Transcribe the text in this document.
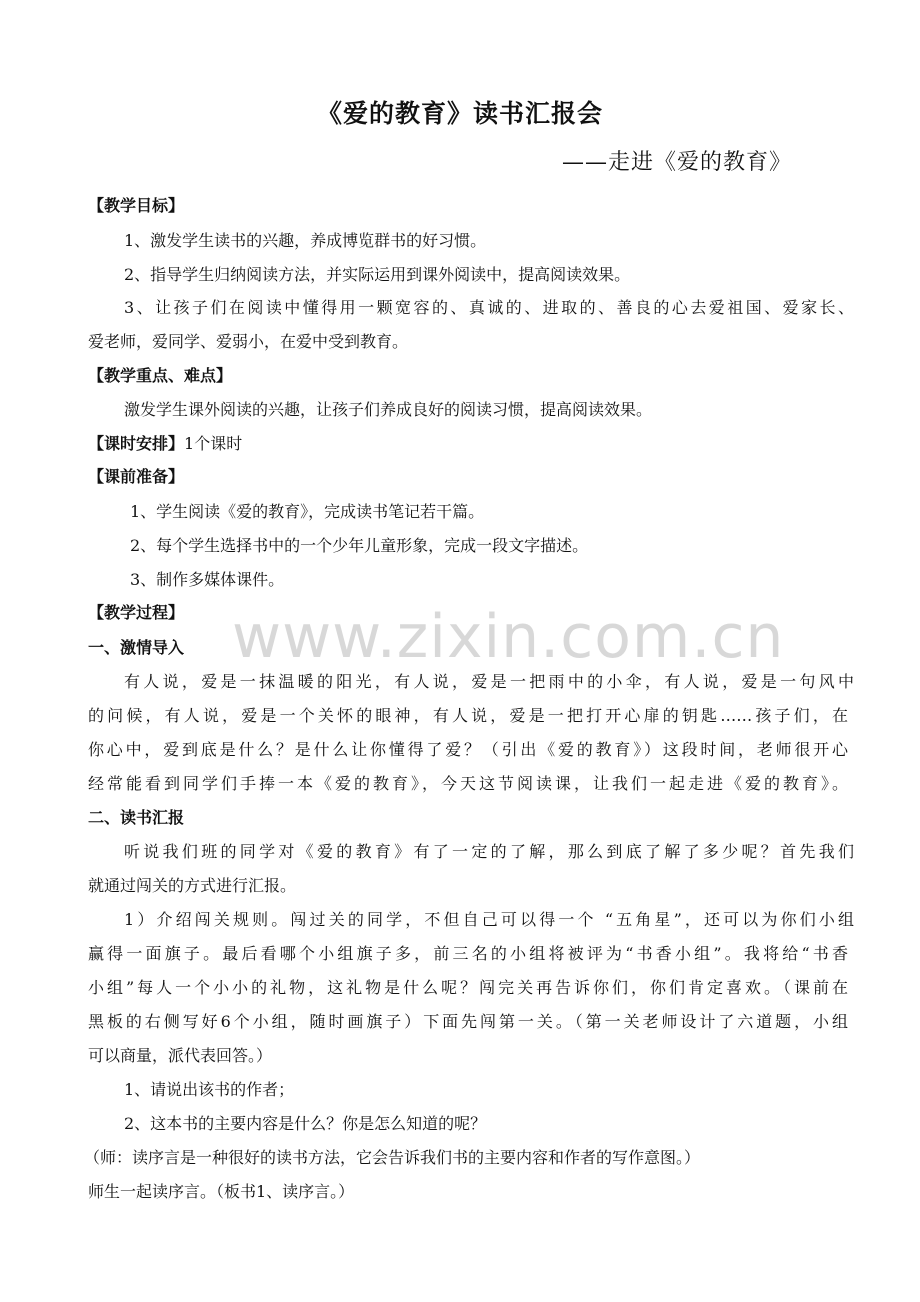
www.zixin.com.cn
《爱的教育》读书汇报会
——走进《爱的教育》
【教学目标】
1、激发学生读书的兴趣，养成博览群书的好习惯。
2、指导学生归纳阅读方法，并实际运用到课外阅读中，提高阅读效果。
3、让孩子们在阅读中懂得用一颗宽容的、真诚的、进取的、善良的心去爱祖国、爱家长、
爱老师，爱同学、爱弱小，在爱中受到教育。
【教学重点、难点】
激发学生课外阅读的兴趣，让孩子们养成良好的阅读习惯，提高阅读效果。
【课时安排】1个课时
【课前准备】
1、学生阅读《爱的教育》，完成读书笔记若干篇。
2、每个学生选择书中的一个少年儿童形象，完成一段文字描述。
3、制作多媒体课件。
【教学过程】
一、激情导入
有人说，爱是一抹温暖的阳光，有人说，爱是一把雨中的小伞，有人说，爱是一句风中
的问候，有人说，爱是一个关怀的眼神，有人说，爱是一把打开心扉的钥匙……孩子们，在
你心中，爱到底是什么？是什么让你懂得了爱？（引出《爱的教育》）这段时间，老师很开心
经常能看到同学们手捧一本《爱的教育》，今天这节阅读课，让我们一起走进《爱的教育》。
二、读书汇报
听说我们班的同学对《爱的教育》有了一定的了解，那么到底了解了多少呢？首先我们
就通过闯关的方式进行汇报。
1）介绍闯关规则。闯过关的同学，不但自己可以得一个 “五角星”，还可以为你们小组
赢得一面旗子。最后看哪个小组旗子多，前三名的小组将被评为“书香小组”。我将给“书香
小组”每人一个小小的礼物，这礼物是什么呢？闯完关再告诉你们，你们肯定喜欢。（课前在
黑板的右侧写好6个小组，随时画旗子）下面先闯第一关。（第一关老师设计了六道题，小组
可以商量，派代表回答。）
1、请说出该书的作者；
2、这本书的主要内容是什么？你是怎么知道的呢？
（师：读序言是一种很好的读书方法，它会告诉我们书的主要内容和作者的写作意图。）
师生一起读序言。（板书1、读序言。）
